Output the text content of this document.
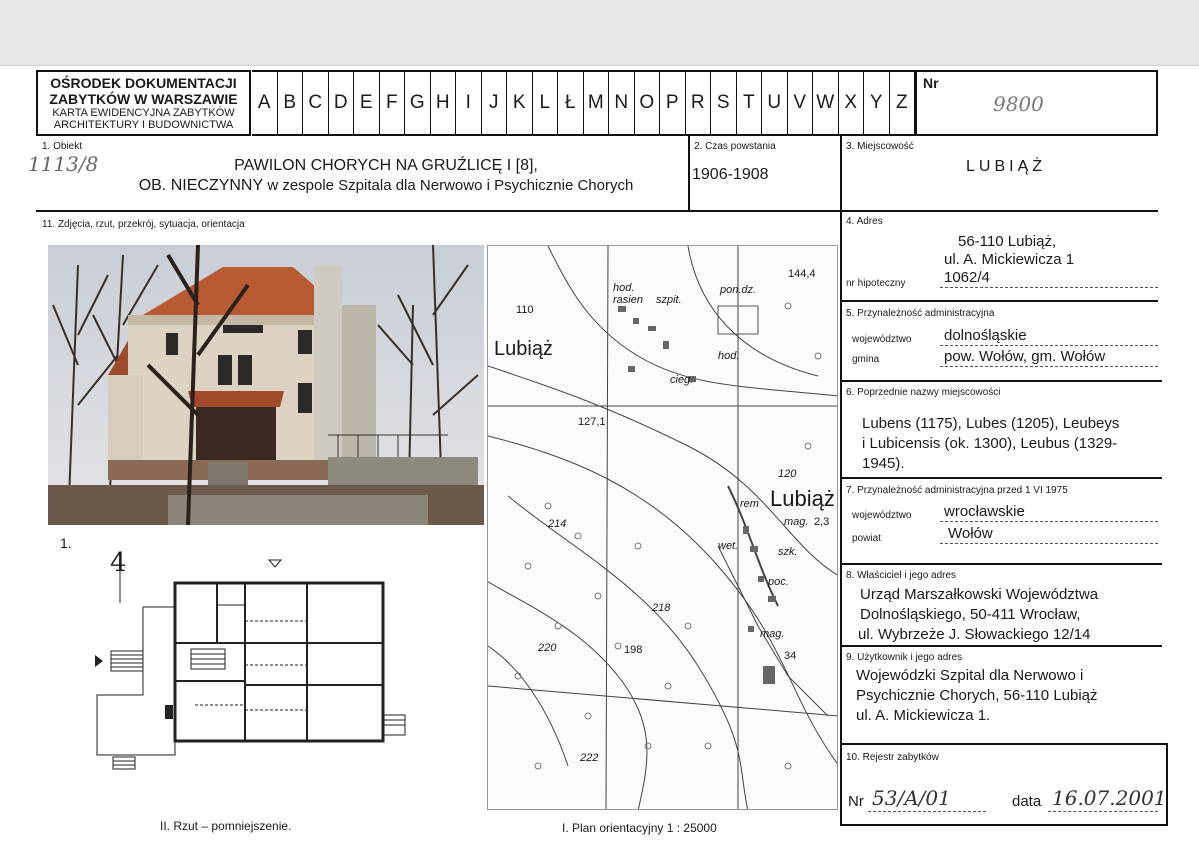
OŚRODEK DOKUMENTACJI
ZABYTKÓW W WARSZAWIE
KARTA EWIDENCYJNA ZABYTKÓW
ARCHITEKTURY I BUDOWNICTWA
A B C D E F G H I J K L Ł M N O P R S T U V W X Y Z
Nr
9800
1. Obiekt
1113/8	PAWILON CHORYCH NA GRUŹLICĘ I [8],
OB. NIECZYNNY w zespole Szpitala dla Nerwowo i Psychicznie Chorych
2. Czas powstania
1906-1908
3. Miejscowość
LUBIĄŻ
11. Zdjęcia, rzut, przekrój, sytuacja, orientacja
1.
4
II. Rzut – pomniejszenie.
Lubiąż
hod.
rasien szpit.
pon.dz.
hod.
cieg.
Lubiąż
rem
mag.
wet.	szk.
poc.
mag.
110
144,4
127,1
120
214
218
220	198
222
2,3
34
I. Plan orientacyjny 1 : 25000
4. Adres
56-110 Lubiąż,
ul. A. Mickiewicza 1
nr hipoteczny	1062/4
5. Przynależność administracyjna
województwo dolnośląskie
gmina	pow. Wołów, gm. Wołów
6. Poprzednie nazwy miejscowości
Lubens (1175), Lubes (1205), Leubeys
i Lubicensis (ok. 1300), Leubus (1329-
1945).
7. Przynależność administracyjna przed 1 VI 1975
województwo wrocławskie
powiat	Wołów
8. Właściciel i jego adres
Urząd Marszałkowski Województwa
Dolnośląskiego, 50-411 Wrocław,
ul. Wybrzeże J. Słowackiego 12/14
9. Użytkownik i jego adres
Wojewódzki Szpital dla Nerwowo i
Psychicznie Chorych, 56-110 Lubiąż
ul. A. Mickiewicza 1.
10. Rejestr zabytków
Nr 53/A/01	data 16.07.2001
